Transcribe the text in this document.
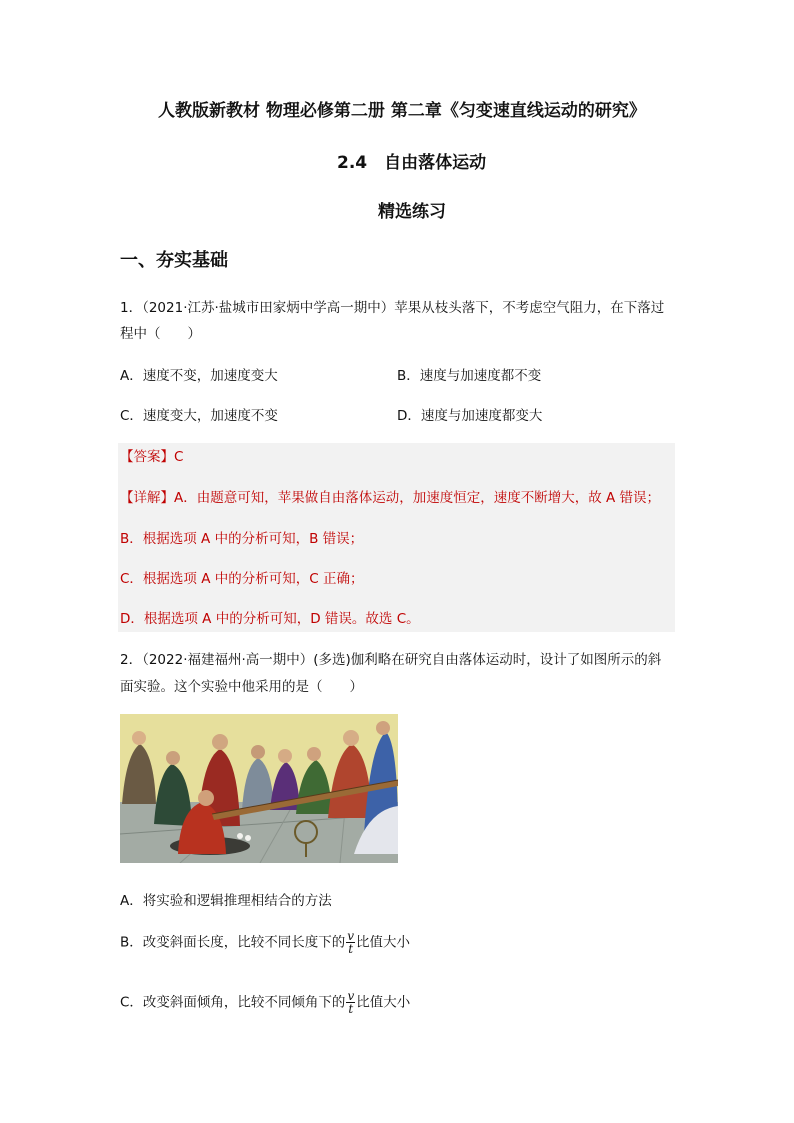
人教版新教材 物理必修第二册 第二章《匀变速直线运动的研究》
2.4　自由落体运动
精选练习
一、夯实基础
1．（2021·江苏·盐城市田家炳中学高一期中）苹果从枝头落下，不考虑空气阻力，在下落过
程中（　　）
A．速度不变，加速度变大	B．速度与加速度都不变
C．速度变大，加速度不变	D．速度与加速度都变大
【答案】C
【详解】A．由题意可知，苹果做自由落体运动，加速度恒定，速度不断增大，故 A 错误；
B．根据选项 A 中的分析可知，B 错误；
C．根据选项 A 中的分析可知，C 正确；
D．根据选项 A 中的分析可知，D 错误。故选 C。
2．（2022·福建福州·高一期中）(多选)伽利略在研究自由落体运动时，设计了如图所示的斜
面实验。这个实验中他采用的是（　　）
A．将实验和逻辑推理相结合的方法
B．改变斜面长度，比较不同长度下的 $\frac{v}{t}$ 比值大小
C．改变斜面倾角，比较不同倾角下的 $\frac{v}{t}$ 比值大小
